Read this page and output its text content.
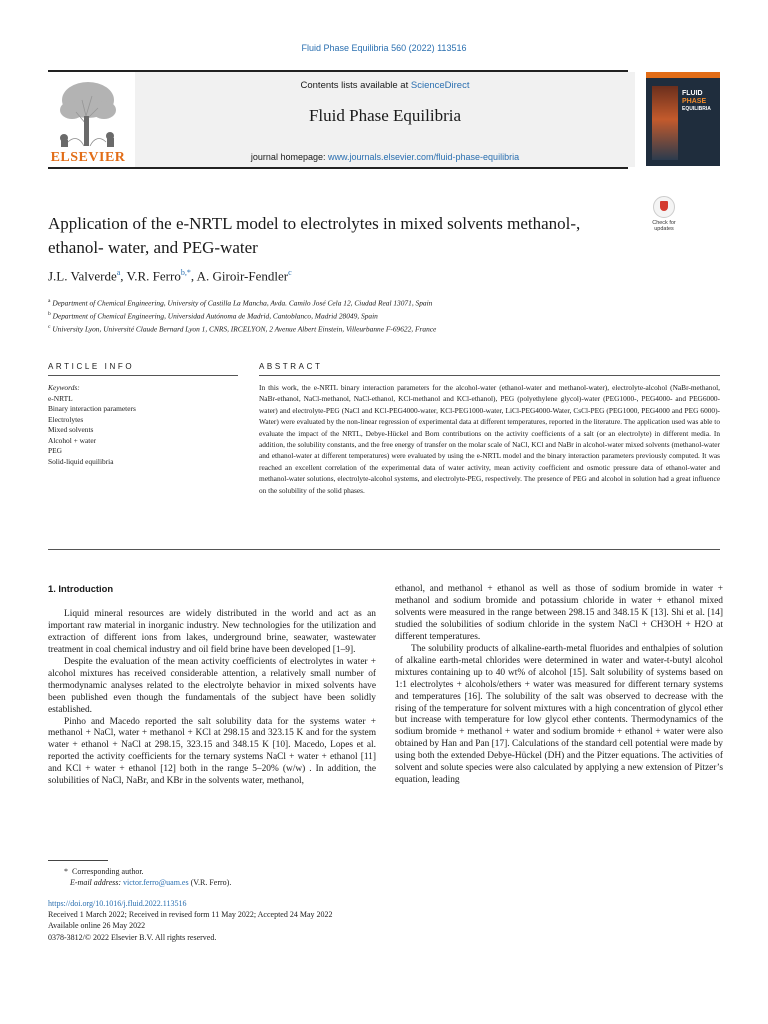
Fluid Phase Equilibria 560 (2022) 113516
ELSEVIER
Contents lists available at ScienceDirect
Fluid Phase Equilibria
journal homepage: www.journals.elsevier.com/fluid-phase-equilibria
FLUID
PHASE
EQUILIBRIA
Application of the e-NRTL model to electrolytes in mixed solvents methanol-, ethanol- water, and PEG-water
Check for updates
J.L. Valverde$^a$, V.R. Ferro$^{b,*}$, A. Giroir-Fendler$^c$
$^a$ Department of Chemical Engineering, University of Castilla La Mancha, Avda. Camilo José Cela 12, Ciudad Real 13071, Spain
$^b$ Department of Chemical Engineering, Universidad Autónoma de Madrid, Cantoblanco, Madrid 28049, Spain
$^c$ University Lyon, Université Claude Bernard Lyon 1, CNRS, IRCELYON, 2 Avenue Albert Einstein, Villeurbanne F-69622, France
ARTICLE INFO	ABSTRACT
Keywords:
e-NRTL
Binary interaction parameters
Electrolytes
Mixed solvents
Alcohol + water
PEG
Solid-liquid equilibria
In this work, the e-NRTL binary interaction parameters for the alcohol-water (ethanol-water and methanol-water), electrolyte-alcohol (NaBr-methanol, NaBr-ethanol, NaCl-methanol, NaCl-ethanol, KCl-methanol and KCl-ethanol), PEG (polyethylene glycol)-water (PEG1000-, PEG4000- and PEG6000-water) and electrolyte-PEG (NaCl and KCl-PEG4000-water, KCl-PEG1000-water, LiCl-PEG4000-Water, CsCl-PEG (PEG1000, PEG4000 and PEG 6000)-Water) were evaluated by the non-linear regression of experimental data at different temperatures, reported in the literature. The application used was able to evaluate the impact of the NRTL, Debye-Hückel and Born contributions on the activity coefficients of a salt (or an electrolyte) in different media. In addition, the solubility constants, and the free energy of transfer on the molar scale of NaCl, KCl and NaBr in alcohol-water mixed solvents (methanol-water and ethanol-water at different temperatures) were evaluated by using the e-NRTL model and the binary interaction parameters previously computed. It was reached an excellent correlation of the experimental data of water activity, mean activity coefficient and osmotic pressure data of ethanol-water and methanol-water solutions, electrolyte-alcohol systems, and electrolyte-PEG, respectively. The presence of PEG and alcohol in solution had a great influence on the solubility of the solid phases.
1. Introduction

Liquid mineral resources are widely distributed in the world and act as an important raw material in inorganic industry. New technologies for the utilization and extraction of different ions from lakes, underground brine, seawater, wastewater treatment in coal chemical industry and oil field brine have been developed [1–9].

Despite the evaluation of the mean activity coefficients of electrolytes in water + alcohol mixtures has received considerable attention, a relatively small number of thermodynamic analyses related to the electrolyte behavior in mixed solvents have been published even though the fundamentals of the subject have been solidly established.

Pinho and Macedo reported the salt solubility data for the systems water + methanol + NaCl, water + methanol + KCl at 298.15 and 323.15 K and for the system water + ethanol + NaCl at 298.15, 323.15 and 348.15 K [10]. Macedo, Lopes et al. reported the activity coefficients for the ternary systems NaCl + water + ethanol [11] and KCl + water + ethanol [12] both in the range 5–20% (w/w) . In addition, the solubilities of NaCl, NaBr, and KBr in the solvents water, methanol,

ethanol, and methanol + ethanol as well as those of sodium bromide in water + methanol and sodium bromide and potassium chloride in water + ethanol mixed solvents were measured in the range between 298.15 and 348.15 K [13]. Shi et al. [14] studied the solubilities of sodium chloride in the system NaCl + CH3OH + H2O at different temperatures.

The solubility products of alkaline-earth-metal fluorides and enthalpies of solution of alkaline earth-metal chlorides were determined in water and water-t-butyl alcohol mixtures containing up to 40 wt% of alcohol [15]. Salt solubility of systems based on 1:1 electrolytes + alcohols/ethers + water was measured for different ternary systems and temperatures [16]. The solubility of the salt was observed to decrease with the rising of the temperature for solvent mixtures with a high concentration of glycol ether but increase with temperature for low glycol ether contents. Thermodynamics of the sodium bromide + methanol + water and sodium bromide + ethanol + water were also obtained by Han and Pan [17]. Calculations of the standard cell potential were made by using both the extended Debye-Hückel (DH) and the Pitzer equations. The activities of solvent and solute species were also calculated by applying a new extension of Pitzer’s equation, leading

* Corresponding author.
E-mail address: victor.ferro@uam.es (V.R. Ferro).
https://doi.org/10.1016/j.fluid.2022.113516
Received 1 March 2022; Received in revised form 11 May 2022; Accepted 24 May 2022
Available online 26 May 2022
0378-3812/© 2022 Elsevier B.V. All rights reserved.
